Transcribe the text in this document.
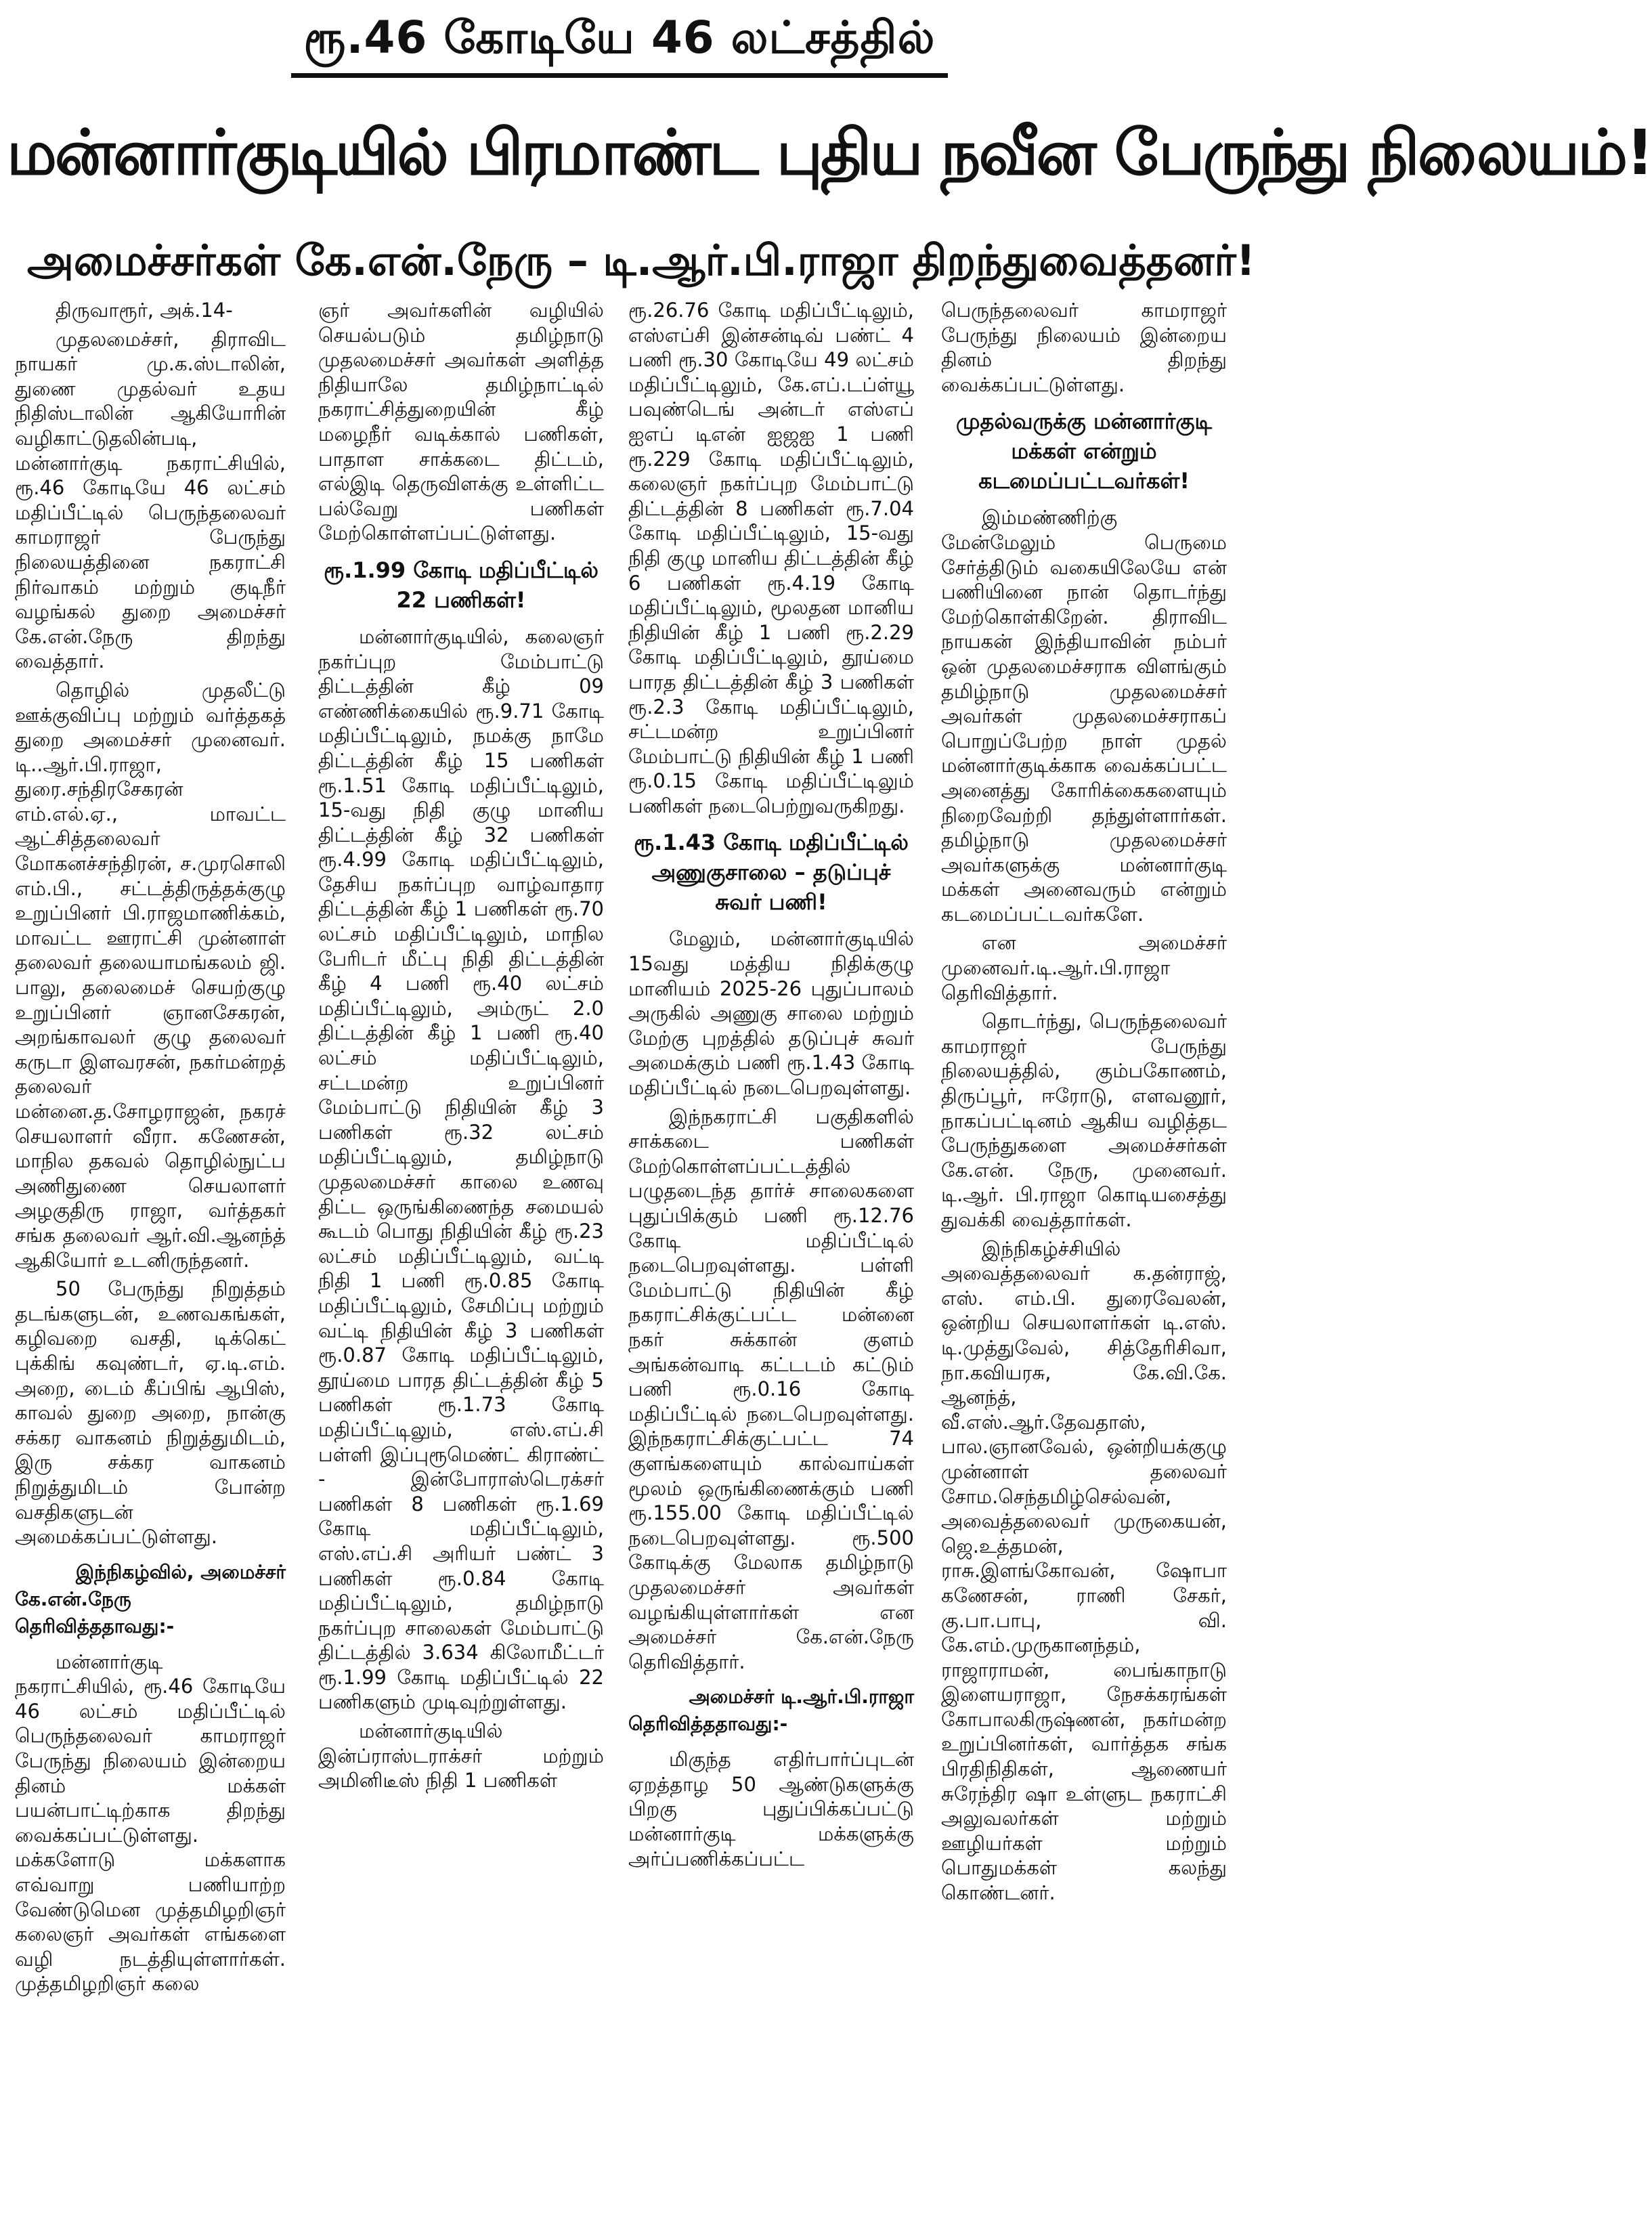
ரூ.46 கோடியே 46 லட்சத்தில்
மன்னார்குடியில் பிரமாண்ட புதிய நவீன பேருந்து நிலையம்!
அமைச்சர்கள் கே.என்.நேரு – டி.ஆர்.பி.ராஜா திறந்துவைத்தனர்!

திருவாரூர், அக்.14-

முதலமைச்சர், திராவிட நாயகர் மு.க.ஸ்டாலின், துணை முதல்வர் உதய நிதிஸ்டாலின் ஆகியோரின் வழிகாட்டுதலின்படி, மன்னார்குடி நகராட்சியில், ரூ.46 கோடியே 46 லட்சம் மதிப்பீட்டில் பெருந்தலைவர் காமராஜர் பேருந்து நிலையத்தினை நகராட்சி நிர்வாகம் மற்றும் குடிநீர் வழங்கல் துறை அமைச்சர் கே.என்.நேரு திறந்து வைத்தார்.

தொழில் முதலீட்டு ஊக்குவிப்பு மற்றும் வர்த்தகத் துறை அமைச்சர் முனைவர். டி..ஆர்.பி.ராஜா, துரை.சந்திரசேகரன் எம்.எல்.ஏ., மாவட்ட ஆட்சித்தலைவர் மோகனச்சந்திரன், ச.முரசொலி எம்.பி., சட்டத்திருத்தக்குழு உறுப்பினர் பி.ராஜமாணிக்கம், மாவட்ட ஊராட்சி முன்னாள் தலைவர் தலையாமங்கலம் ஜி. பாலு, தலைமைச் செயற்குழு உறுப்பினர் ஞானசேகரன், அறங்காவலர் குழு தலைவர் கருடா இளவரசன், நகர்மன்றத் தலைவர் மன்னை.த.சோழராஜன், நகரச் செயலாளர் வீரா. கணேசன், மாநில தகவல் தொழில்நுட்ப அணிதுணை செயலாளர் அழகுதிரு ராஜா, வர்த்தகர் சங்க தலைவர் ஆர்.வி.ஆனந்த் ஆகியோர் உடனிருந்தனர்.

50 பேருந்து நிறுத்தம் தடங்களுடன், உணவகங்கள், கழிவறை வசதி, டிக்கெட் புக்கிங் கவுண்டர், ஏ.டி.எம். அறை, டைம் கீப்பிங் ஆபிஸ், காவல் துறை அறை, நான்கு சக்கர வாகனம் நிறுத்துமிடம், இரு சக்கர வாகனம் நிறுத்துமிடம் போன்ற வசதிகளுடன் அமைக்கப்பட்டுள்ளது.

இந்நிகழ்வில், அமைச்சர்
கே.என்.நேரு தெரிவித்ததாவது:-

மன்னார்குடி நகராட்சியில், ரூ.46 கோடியே 46 லட்சம் மதிப்பீட்டில் பெருந்தலைவர் காமராஜர் பேருந்து நிலையம் இன்றைய தினம் மக்கள் பயன்பாட்டிற்காக திறந்து வைக்கப்பட்டுள்ளது. மக்களோடு மக்களாக எவ்வாறு பணியாற்ற வேண்டுமென முத்தமிழறிஞர் கலைஞர் அவர்கள் எங்களை வழி நடத்தியுள்ளார்கள். முத்தமிழறிஞர் கலை

ஞர் அவர்களின் வழியில் செயல்படும் தமிழ்நாடு முதலமைச்சர் அவர்கள் அளித்த நிதியாலே தமிழ்நாட்டில் நகராட்சித்துறையின் கீழ் மழைநீர் வடிக்கால் பணிகள், பாதாள சாக்கடை திட்டம், எல்இடி தெருவிளக்கு உள்ளிட்ட பல்வேறு பணிகள் மேற்கொள்ளப்பட்டுள்ளது.

ரூ.1.99 கோடி மதிப்பீட்டில்
22 பணிகள்!

மன்னார்குடியில், கலைஞர் நகர்ப்புற மேம்பாட்டு திட்டத்தின் கீழ் 09 எண்ணிக்கையில் ரூ.9.71 கோடி மதிப்பீட்டிலும், நமக்கு நாமே திட்டத்தின் கீழ் 15 பணிகள் ரூ.1.51 கோடி மதிப்பீட்டிலும், 15-வது நிதி குழு மானிய திட்டத்தின் கீழ் 32 பணிகள் ரூ.4.99 கோடி மதிப்பீட்டிலும், தேசிய நகர்ப்புற வாழ்வாதார திட்டத்தின் கீழ் 1 பணிகள் ரூ.70 லட்சம் மதிப்பீட்டிலும், மாநில பேரிடர் மீட்பு நிதி திட்டத்தின் கீழ் 4 பணி ரூ.40 லட்சம் மதிப்பீட்டிலும், அம்ருட் 2.0 திட்டத்தின் கீழ் 1 பணி ரூ.40 லட்சம் மதிப்பீட்டிலும், சட்டமன்ற உறுப்பினர் மேம்பாட்டு நிதியின் கீழ் 3 பணிகள் ரூ.32 லட்சம் மதிப்பீட்டிலும், தமிழ்நாடு முதலமைச்சர் காலை உணவு திட்ட ஒருங்கிணைந்த சமையல் கூடம் பொது நிதியின் கீழ் ரூ.23 லட்சம் மதிப்பீட்டிலும், வட்டி நிதி 1 பணி ரூ.0.85 கோடி மதிப்பீட்டிலும், சேமிப்பு மற்றும் வட்டி நிதியின் கீழ் 3 பணிகள் ரூ.0.87 கோடி மதிப்பீட்டிலும், தூய்மை பாரத திட்டத்தின் கீழ் 5 பணிகள் ரூ.1.73 கோடி மதிப்பீட்டிலும், எஸ்.எப்.சி பள்ளி இப்புரூமெண்ட் கிராண்ட் - இன்போராஸ்டெரக்சர் பணிகள் 8 பணிகள் ரூ.1.69 கோடி மதிப்பீட்டிலும், எஸ்.எப்.சி அரியர் பண்ட் 3 பணிகள் ரூ.0.84 கோடி மதிப்பீட்டிலும், தமிழ்நாடு நகர்ப்புற சாலைகள் மேம்பாட்டு திட்டத்தில் 3.634 கிலோமீட்டர் ரூ.1.99 கோடி மதிப்பீட்டில் 22 பணிகளும் முடிவுற்றுள்ளது.

மன்னார்குடியில் இன்ப்ராஸ்டராக்சர் மற்றும் அமினிடீஸ் நிதி 1 பணிகள்

ரூ.26.76 கோடி மதிப்பீட்டிலும், எஸ்எப்சி இன்சன்டிவ் பண்ட் 4 பணி ரூ.30 கோடியே 49 லட்சம் மதிப்பீட்டிலும், கே.எப்.டப்ள்யூ பவுண்டெங் அன்டர் எஸ்எப் ஐஎப் டிஎன் ஐஜஐ 1 பணி ரூ.229 கோடி மதிப்பீட்டிலும், கலைஞர் நகர்ப்புற மேம்பாட்டு திட்டத்தின் 8 பணிகள் ரூ.7.04 கோடி மதிப்பீட்டிலும், 15-வது நிதி குழு மானிய திட்டத்தின் கீழ் 6 பணிகள் ரூ.4.19 கோடி மதிப்பீட்டிலும், மூலதன மானிய நிதியின் கீழ் 1 பணி ரூ.2.29 கோடி மதிப்பீட்டிலும், தூய்மை பாரத திட்டத்தின் கீழ் 3 பணிகள் ரூ.2.3 கோடி மதிப்பீட்டிலும், சட்டமன்ற உறுப்பினர் மேம்பாட்டு நிதியின் கீழ் 1 பணி ரூ.0.15 கோடி மதிப்பீட்டிலும் பணிகள் நடைபெற்றுவருகிறது.

ரூ.1.43 கோடி மதிப்பீட்டில்
அணுகுசாலை – தடுப்புச் சுவர் பணி!

மேலும், மன்னார்குடியில் 15வது மத்திய நிதிக்குழு மானியம் 2025-26 புதுப்பாலம் அருகில் அணுகு சாலை மற்றும் மேற்கு புறத்தில் தடுப்புச் சுவர் அமைக்கும் பணி ரூ.1.43 கோடி மதிப்பீட்டில் நடைபெறவுள்ளது.

இந்நகராட்சி பகுதிகளில் சாக்கடை பணிகள் மேற்கொள்ளப்பட்டத்தில் பழுதடைந்த தார்ச் சாலைகளை புதுப்பிக்கும் பணி ரூ.12.76 கோடி மதிப்பீட்டில் நடைபெறவுள்ளது. பள்ளி மேம்பாட்டு நிதியின் கீழ் நகராட்சிக்குட்பட்ட மன்னை நகர் சுக்கான் குளம் அங்கன்வாடி கட்டடம் கட்டும் பணி ரூ.0.16 கோடி மதிப்பீட்டில் நடைபெறவுள்ளது. இந்நகராட்சிக்குட்பட்ட 74 குளங்களையும் கால்வாய்கள் மூலம் ஒருங்கிணைக்கும் பணி ரூ.155.00 கோடி மதிப்பீட்டில் நடைபெறவுள்ளது. ரூ.500 கோடிக்கு மேலாக தமிழ்நாடு முதலமைச்சர் அவர்கள் வழங்கியுள்ளார்கள் என அமைச்சர் கே.என்.நேரு தெரிவித்தார்.

அமைச்சர் டி.ஆர்.பி.ராஜா
தெரிவித்ததாவது:-

மிகுந்த எதிர்பார்ப்புடன் ஏறத்தாழ 50 ஆண்டுகளுக்கு பிறகு புதுப்பிக்கப்பட்டு மன்னார்குடி மக்களுக்கு அர்ப்பணிக்கப்பட்ட

பெருந்தலைவர் காமராஜர் பேருந்து நிலையம் இன்றைய தினம் திறந்து வைக்கப்பட்டுள்ளது.

முதல்வருக்கு மன்னார்குடி
மக்கள் என்றும் கடமைப்பட்டவர்கள்!

இம்மண்ணிற்கு மேன்மேலும் பெருமை சேர்த்திடும் வகையிலேயே என் பணியினை நான் தொடர்ந்து மேற்கொள்கிறேன். திராவிட நாயகன் இந்தியாவின் நம்பர் ஒன் முதலமைச்சராக விளங்கும் தமிழ்நாடு முதலமைச்சர் அவர்கள் முதலமைச்சராகப் பொறுப்பேற்ற நாள் முதல் மன்னார்குடிக்காக வைக்கப்பட்ட அனைத்து கோரிக்கைகளையும் நிறைவேற்றி தந்துள்ளார்கள். தமிழ்நாடு முதலமைச்சர் அவர்களுக்கு மன்னார்குடி மக்கள் அனைவரும் என்றும் கடமைப்பட்டவர்களே.

என அமைச்சர் முனைவர்.டி.ஆர்.பி.ராஜா தெரிவித்தார்.

தொடர்ந்து, பெருந்தலைவர் காமராஜர் பேருந்து நிலையத்தில், கும்பகோணம், திருப்பூர், ஈரோடு, எளவனூர், நாகப்பட்டினம் ஆகிய வழித்தட பேருந்துகளை அமைச்சர்கள் கே.என். நேரு, முனைவர். டி.ஆர். பி.ராஜா கொடியசைத்து துவக்கி வைத்தார்கள்.

இந்நிகழ்ச்சியில் அவைத்தலைவர் க.தன்ராஜ், எஸ். எம்.பி. துரைவேலன், ஒன்றிய செயலாளர்கள் டி.எஸ். டி.முத்துவேல், சித்தேரிசிவா, நா.கவியரசு, கே.வி.கே. ஆனந்த், வீ.எஸ்.ஆர்.தேவதாஸ், பால.ஞானவேல், ஒன்றியக்குழு முன்னாள் தலைவர் சோம.செந்தமிழ்செல்வன், அவைத்தலைவர் முருகையன், ஜெ.உத்தமன், ராசு.இளங்கோவன், ஷோபா கணேசன், ராணி சேகர், கு.பா.பாபு, வி. கே.எம்.முருகானந்தம், ராஜாராமன், பைங்காநாடு இளையராஜா, நேசக்கரங்கள் கோபாலகிருஷ்ணன், நகர்மன்ற உறுப்பினர்கள், வார்த்தக சங்க பிரதிநிதிகள், ஆணையர் சுரேந்திர ஷா உள்ளுட நகராட்சி அலுவலர்கள் மற்றும் ஊழியர்கள் மற்றும் பொதுமக்கள் கலந்து கொண்டனர்.
